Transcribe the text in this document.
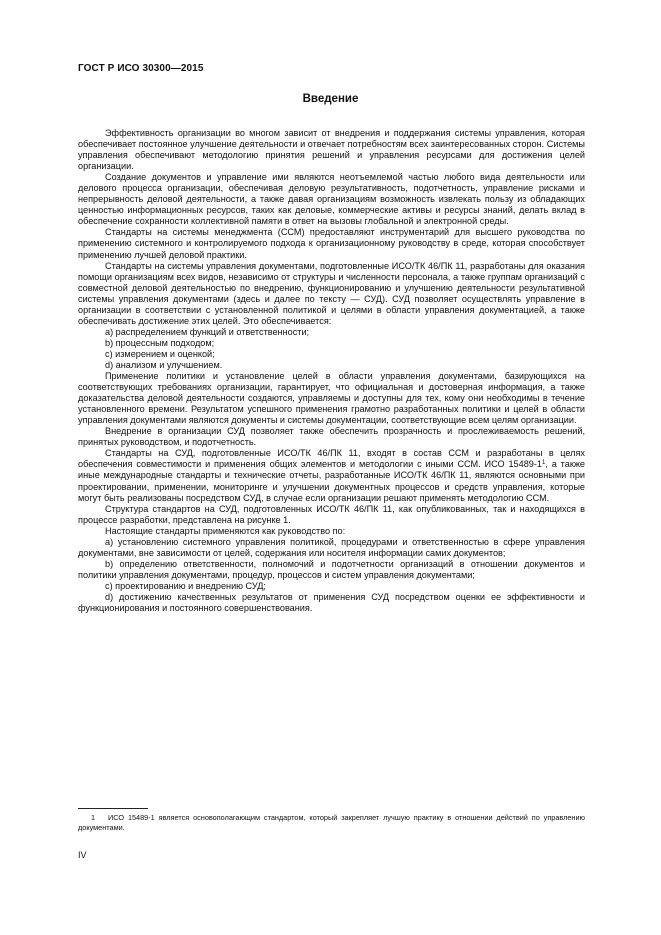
ГОСТ Р ИСО 30300—2015
Введение

Эффективность организации во многом зависит от внедрения и поддержания системы управления, которая обеспечивает постоянное улучшение деятельности и отвечает потребностям всех заинтересованных сторон. Системы управления обеспечивают методологию принятия решений и управления ресурсами для достижения целей организации.

Создание документов и управление ими являются неотъемлемой частью любого вида деятельности или делового процесса организации, обеспечивая деловую результативность, подотчетность, управление рисками и непрерывность деловой деятельности, а также давая организациям возможность извлекать пользу из обладающих ценностью информационных ресурсов, таких как деловые, коммерческие активы и ресурсы знаний, делать вклад в обеспечение сохранности коллективной памяти в ответ на вызовы глобальной и электронной среды.

Стандарты на системы менеджмента (ССМ) предоставляют инструментарий для высшего руководства по применению системного и контролируемого подхода к организационному руководству в среде, которая способствует применению лучшей деловой практики.

Стандарты на системы управления документами, подготовленные ИСО/ТК 46/ПК 11, разработаны для оказания помощи организациям всех видов, независимо от структуры и численности персонала, а также группам организаций с совместной деловой деятельностью по внедрению, функционированию и улучшению деятельности результативной системы управления документами (здесь и далее по тексту — СУД). СУД позволяет осуществлять управление в организации в соответствии с установленной политикой и целями в области управления документацией, а также обеспечивать достижение этих целей. Это обеспечивается:

a) распределением функций и ответственности;

b) процессным подходом;

c) измерением и оценкой;

d) анализом и улучшением.

Применение политики и установление целей в области управления документами, базирующихся на соответствующих требованиях организации, гарантирует, что официальная и достоверная информация, а также доказательства деловой деятельности создаются, управляемы и доступны для тех, кому они необходимы в течение установленного времени. Результатом успешного применения грамотно разработанных политики и целей в области управления документами являются документы и системы документации, соответствующие всем целям организации.

Внедрение в организации СУД позволяет также обеспечить прозрачность и прослеживаемость решений, принятых руководством, и подотчетность.

Стандарты на СУД, подготовленные ИСО/ТК 46/ПК 11, входят в состав ССМ и разработаны в целях обеспечения совместимости и применения общих элементов и методологии с иными ССМ. ИСО $15489-1^1$, а также иные международные стандарты и технические отчеты, разработанные ИСО/ТК 46/ПК 11, являются основными при проектировании, применении, мониторинге и улучшении документных процессов и средств управления, которые могут быть реализованы посредством СУД, в случае если организации решают применять методологию ССМ.

Структура стандартов на СУД, подготовленных ИСО/ТК 46/ПК 11, как опубликованных, так и находящихся в процессе разработки, представлена на рисунке 1.

Настоящие стандарты применяются как руководство по:

a) установлению системного управления политикой, процедурами и ответственностью в сфере управления документами, вне зависимости от целей, содержания или носителя информации самих документов;

b) определению ответственности, полномочий и подотчетности организаций в отношении документов и политики управления документами, процедур, процессов и систем управления документами;

c) проектированию и внедрению СУД;

d) достижению качественных результатов от применения СУД посредством оценки ее эффективности и функционирования и постоянного совершенствования.

1 ИСО 15489-1 является основополагающим стандартом, который закрепляет лучшую практику в отношении действий по управлению документами.
IV
